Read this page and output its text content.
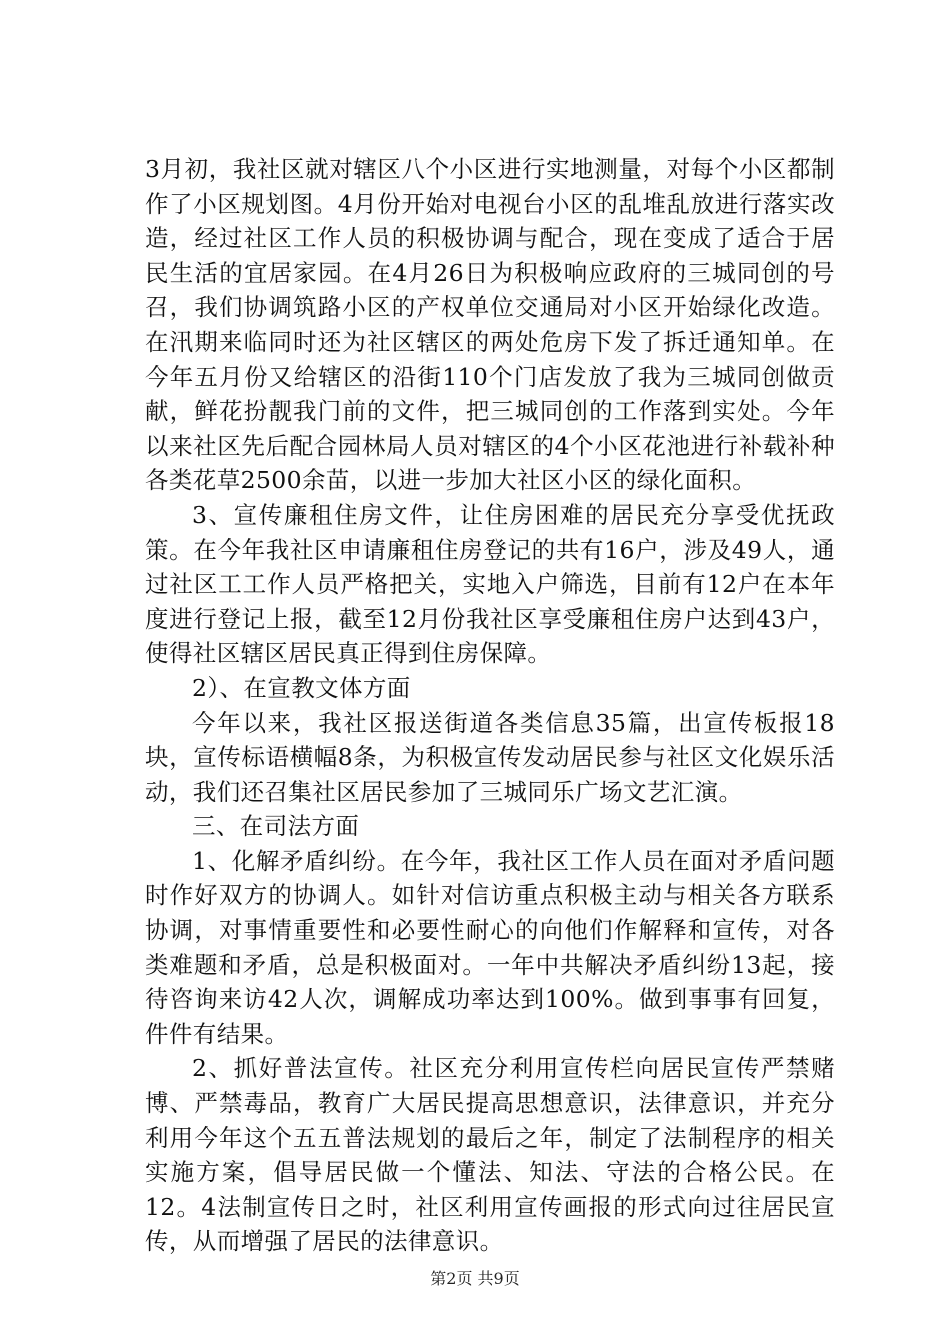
3月初，我社区就对辖区八个小区进行实地测量，对每个小区都制作了小区规划图。4月份开始对电视台小区的乱堆乱放进行落实改造，经过社区工作人员的积极协调与配合，现在变成了适合于居民生活的宜居家园。在4月26日为积极响应政府的三城同创的号召，我们协调筑路小区的产权单位交通局对小区开始绿化改造。在汛期来临同时还为社区辖区的两处危房下发了拆迁通知单。在今年五月份又给辖区的沿街110个门店发放了我为三城同创做贡献，鲜花扮靓我门前的文件，把三城同创的工作落到实处。今年以来社区先后配合园林局人员对辖区的4个小区花池进行补载补种各类花草2500余苗，以进一步加大社区小区的绿化面积。

3、宣传廉租住房文件，让住房困难的居民充分享受优抚政策。在今年我社区申请廉租住房登记的共有16户，涉及49人，通过社区工工作人员严格把关，实地入户筛选，目前有12户在本年度进行登记上报，截至12月份我社区享受廉租住房户达到43户，使得社区辖区居民真正得到住房保障。

2）、在宣教文体方面

今年以来，我社区报送街道各类信息35篇，出宣传板报18块，宣传标语横幅8条，为积极宣传发动居民参与社区文化娱乐活动，我们还召集社区居民参加了三城同乐广场文艺汇演。

三、在司法方面

1、化解矛盾纠纷。在今年，我社区工作人员在面对矛盾问题时作好双方的协调人。如针对信访重点积极主动与相关各方联系协调，对事情重要性和必要性耐心的向他们作解释和宣传，对各类难题和矛盾，总是积极面对。一年中共解决矛盾纠纷13起，接待咨询来访42人次，调解成功率达到100%。做到事事有回复，件件有结果。

2、抓好普法宣传。社区充分利用宣传栏向居民宣传严禁赌博、严禁毒品，教育广大居民提高思想意识，法律意识，并充分利用今年这个五五普法规划的最后之年，制定了法制程序的相关实施方案，倡导居民做一个懂法、知法、守法的合格公民。在12。4法制宣传日之时，社区利用宣传画报的形式向过往居民宣传，从而增强了居民的法律意识。

第2页 共9页
